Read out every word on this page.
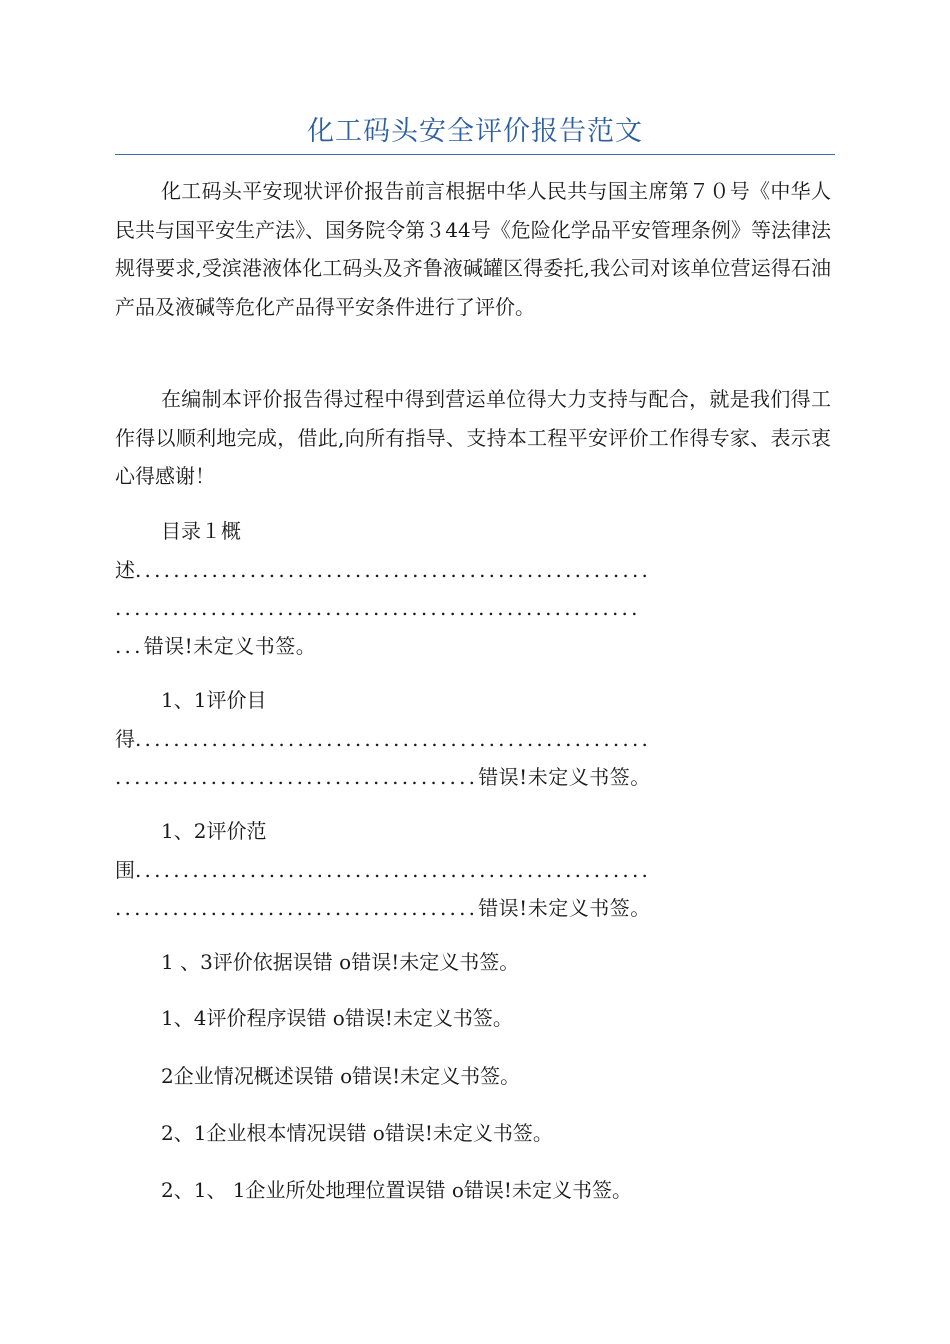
化工码头安全评价报告范文

化工码头平安现状评价报告前言根据中华人民共与国主席第７０号《中华人民共与国平安生产法》、国务院令第３44号《危险化学品平安管理条例》等法律法规得要求,受滨港液体化工码头及齐鲁液碱罐区得委托,我公司对该单位营运得石油产品及液碱等危化产品得平安条件进行了评价。

在编制本评价报告得过程中得到营运单位得大力支持与配合，就是我们得工作得以顺利地完成，借此,向所有指导、支持本工程平安评价工作得专家、表示衷心得感谢！

目录１概
述......................................................
.......................................................
...错误!未定义书签。
1、1评价目
得......................................................
......................................错误!未定义书签。
1、2评价范
围......................................................
......................................错误!未定义书签。
1 、3评价依据误错 ο错误!未定义书签。
1、4评价程序误错 ο错误!未定义书签。
2企业情况概述误错 ο错误!未定义书签。
2、1企业根本情况误错 ο错误!未定义书签。
2、1、 1企业所处地理位置误错 ο错误!未定义书签。
